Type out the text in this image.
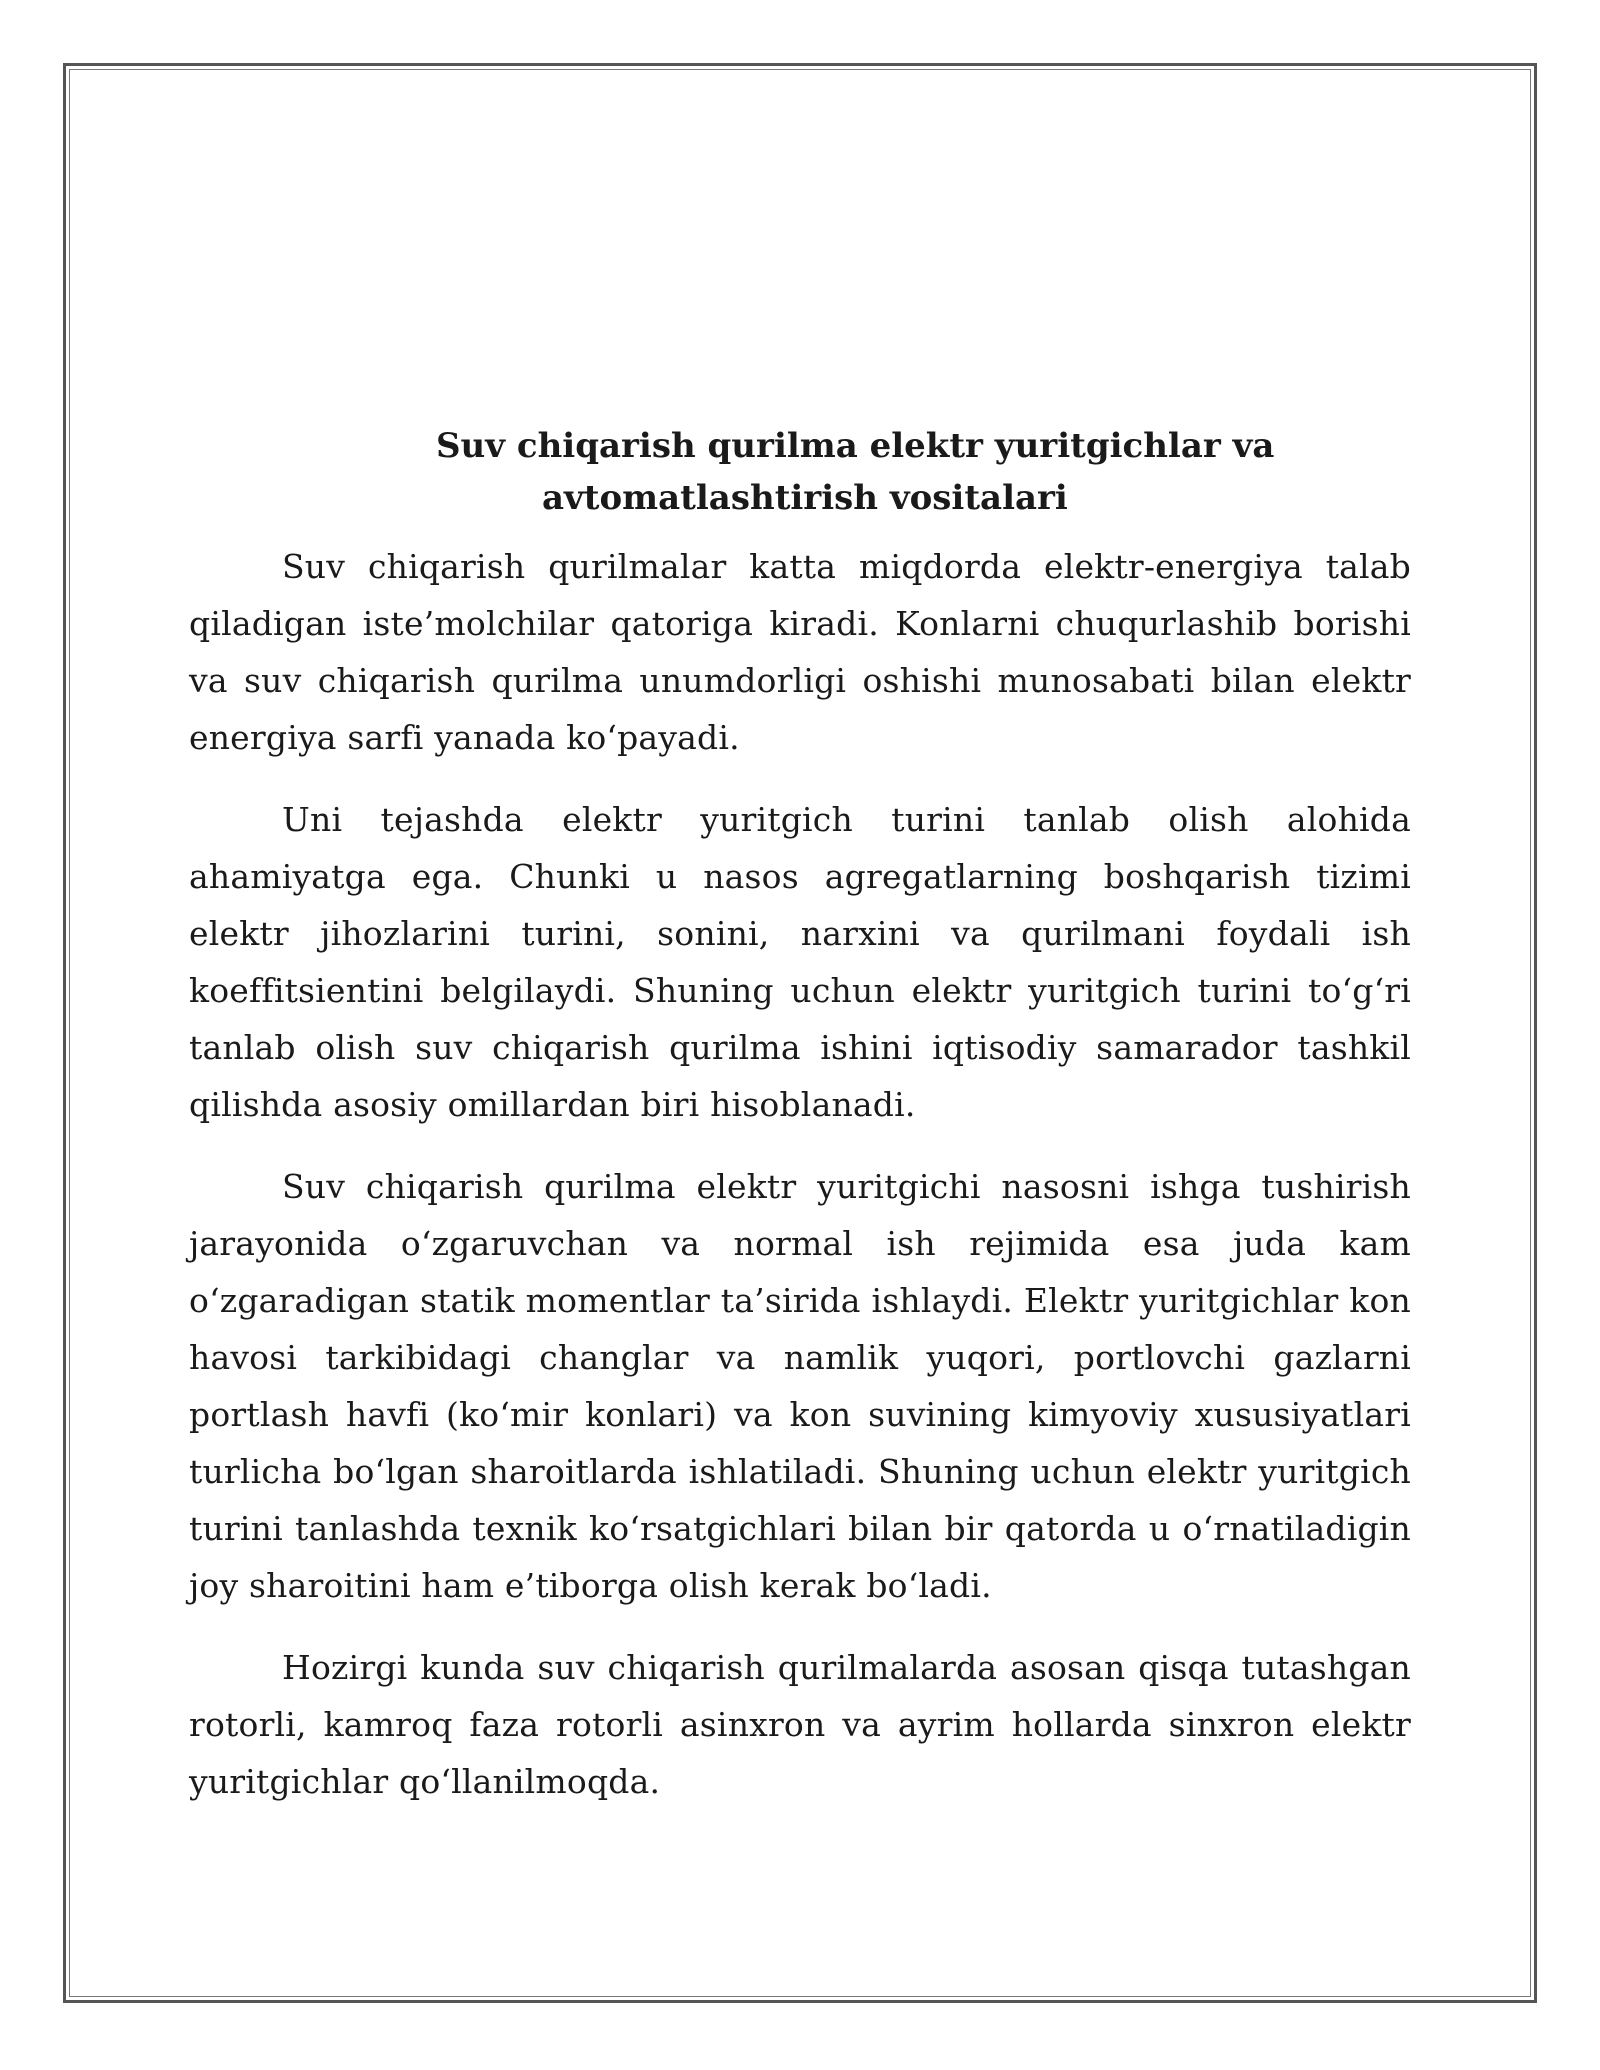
Suv chiqarish qurilma elektr yuritgichlar va
avtomatlashtirish vositalari

Suv chiqarish qurilmalar katta miqdorda elektr-energiya talab qiladigan iste’molchilar qatoriga kiradi. Konlarni chuqurlashib borishi va suv chiqarish qurilma unumdorligi oshishi munosabati bilan elektr energiya sarfi yanada ko‘payadi.

Uni tejashda elektr yuritgich turini tanlab olish alohida ahamiyatga ega. Chunki u nasos agregatlarning boshqarish tizimi elektr jihozlarini turini, sonini, narxini va qurilmani foydali ish koeffitsientini belgilaydi. Shuning uchun elektr yuritgich turini to‘g‘ri tanlab olish suv chiqarish qurilma ishini iqtisodiy samarador tashkil qilishda asosiy omillardan biri hisoblanadi.

Suv chiqarish qurilma elektr yuritgichi nasosni ishga tushirish jarayonida o‘zgaruvchan va normal ish rejimida esa juda kam o‘zgaradigan statik momentlar ta’sirida ishlaydi. Elektr yuritgichlar kon havosi tarkibidagi changlar va namlik yuqori, portlovchi gazlarni portlash havfi (ko‘mir konlari) va kon suvining kimyoviy xususiyatlari turlicha bo‘lgan sharoitlarda ishlatiladi. Shuning uchun elektr yuritgich turini tanlashda texnik ko‘rsatgichlari bilan bir qatorda u o‘rnatiladigin joy sharoitini ham e’tiborga olish kerak bo‘ladi.

Hozirgi kunda suv chiqarish qurilmalarda asosan qisqa tutashgan rotorli, kamroq faza rotorli asinxron va ayrim hollarda sinxron elektr yuritgichlar qo‘llanilmoqda.
